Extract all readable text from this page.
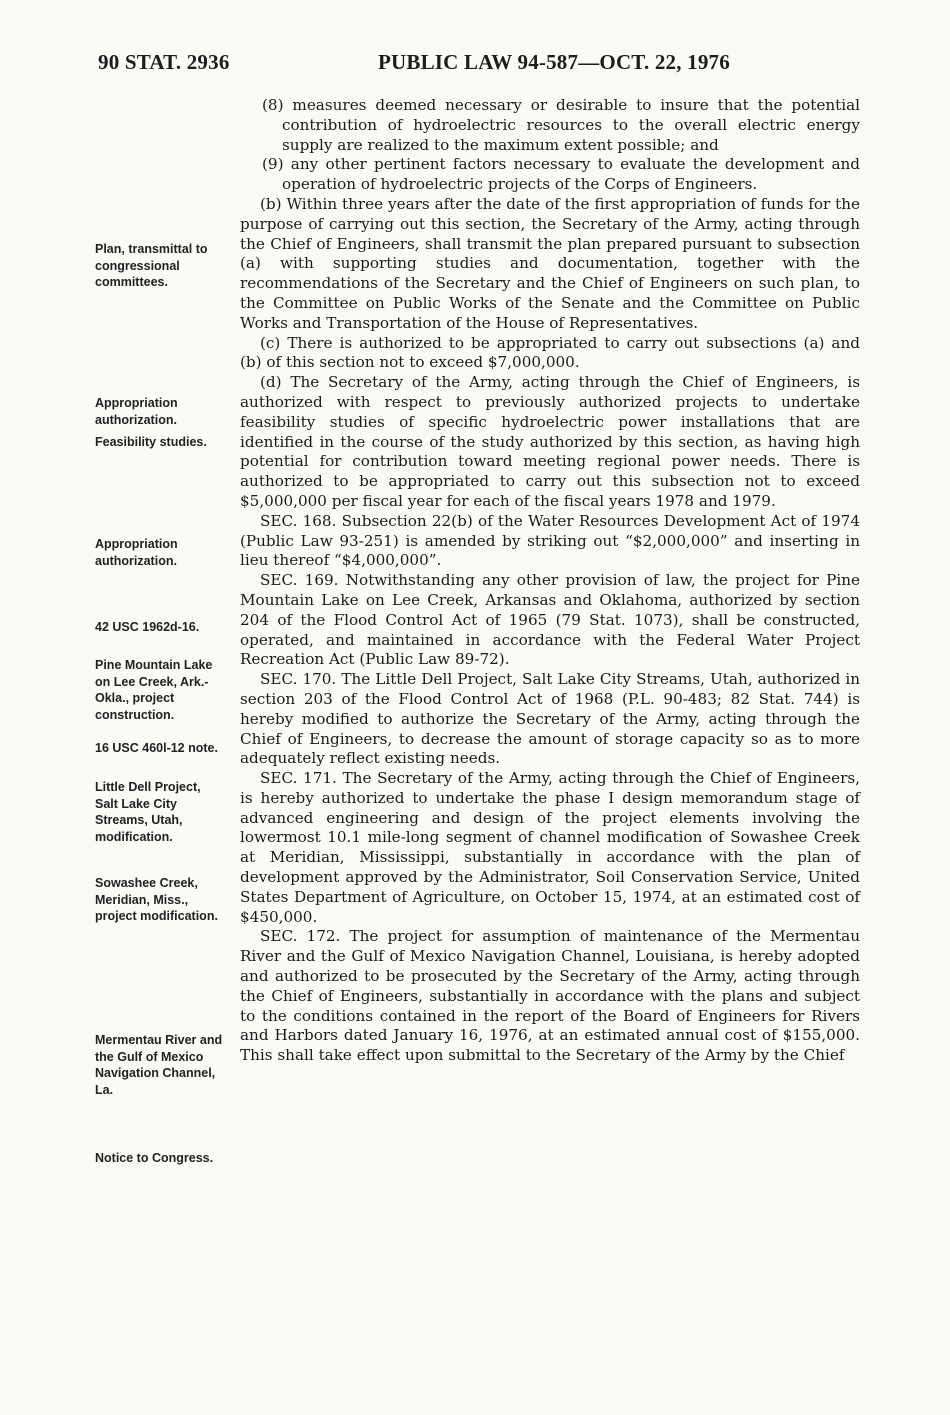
90 STAT. 2936	PUBLIC LAW 94-587—OCT. 22, 1976
Plan, transmittal to congressional committees.
Appropriation authorization.
Feasibility studies.
Appropriation authorization.
42 USC 1962d-16.
Pine Mountain Lake on Lee Creek, Ark.-Okla., project construction.
16 USC 460l-12 note.
Little Dell Project, Salt Lake City Streams, Utah, modification.
Sowashee Creek, Meridian, Miss., project modification.
Mermentau River and the Gulf of Mexico Navigation Channel, La.
Notice to Congress.

(8) measures deemed necessary or desirable to insure that the potential contribution of hydroelectric resources to the overall electric energy supply are realized to the maximum extent possible; and

(9) any other pertinent factors necessary to evaluate the development and operation of hydroelectric projects of the Corps of Engineers.

(b) Within three years after the date of the first appropriation of funds for the purpose of carrying out this section, the Secretary of the Army, acting through the Chief of Engineers, shall transmit the plan prepared pursuant to subsection (a) with supporting studies and documentation, together with the recommendations of the Secretary and the Chief of Engineers on such plan, to the Committee on Public Works of the Senate and the Committee on Public Works and Transportation of the House of Representatives.

(c) There is authorized to be appropriated to carry out subsections (a) and (b) of this section not to exceed $7,000,000.

(d) The Secretary of the Army, acting through the Chief of Engineers, is authorized with respect to previously authorized projects to undertake feasibility studies of specific hydroelectric power installations that are identified in the course of the study authorized by this section, as having high potential for contribution toward meeting regional power needs. There is authorized to be appropriated to carry out this subsection not to exceed $5,000,000 per fiscal year for each of the fiscal years 1978 and 1979.

SEC. 168. Subsection 22(b) of the Water Resources Development Act of 1974 (Public Law 93-251) is amended by striking out “$2,000,000” and inserting in lieu thereof “$4,000,000”.

SEC. 169. Notwithstanding any other provision of law, the project for Pine Mountain Lake on Lee Creek, Arkansas and Oklahoma, authorized by section 204 of the Flood Control Act of 1965 (79 Stat. 1073), shall be constructed, operated, and maintained in accordance with the Federal Water Project Recreation Act (Public Law 89-72).

SEC. 170. The Little Dell Project, Salt Lake City Streams, Utah, authorized in section 203 of the Flood Control Act of 1968 (P.L. 90-483; 82 Stat. 744) is hereby modified to authorize the Secretary of the Army, acting through the Chief of Engineers, to decrease the amount of storage capacity so as to more adequately reflect existing needs.

SEC. 171. The Secretary of the Army, acting through the Chief of Engineers, is hereby authorized to undertake the phase I design memorandum stage of advanced engineering and design of the project elements involving the lowermost 10.1 mile-long segment of channel modification of Sowashee Creek at Meridian, Mississippi, substantially in accordance with the plan of development approved by the Administrator, Soil Conservation Service, United States Department of Agriculture, on October 15, 1974, at an estimated cost of $450,000.

SEC. 172. The project for assumption of maintenance of the Mermentau River and the Gulf of Mexico Navigation Channel, Louisiana, is hereby adopted and authorized to be prosecuted by the Secretary of the Army, acting through the Chief of Engineers, substantially in accordance with the plans and subject to the conditions contained in the report of the Board of Engineers for Rivers and Harbors dated January 16, 1976, at an estimated annual cost of $155,000. This shall take effect upon submittal to the Secretary of the Army by the Chief
